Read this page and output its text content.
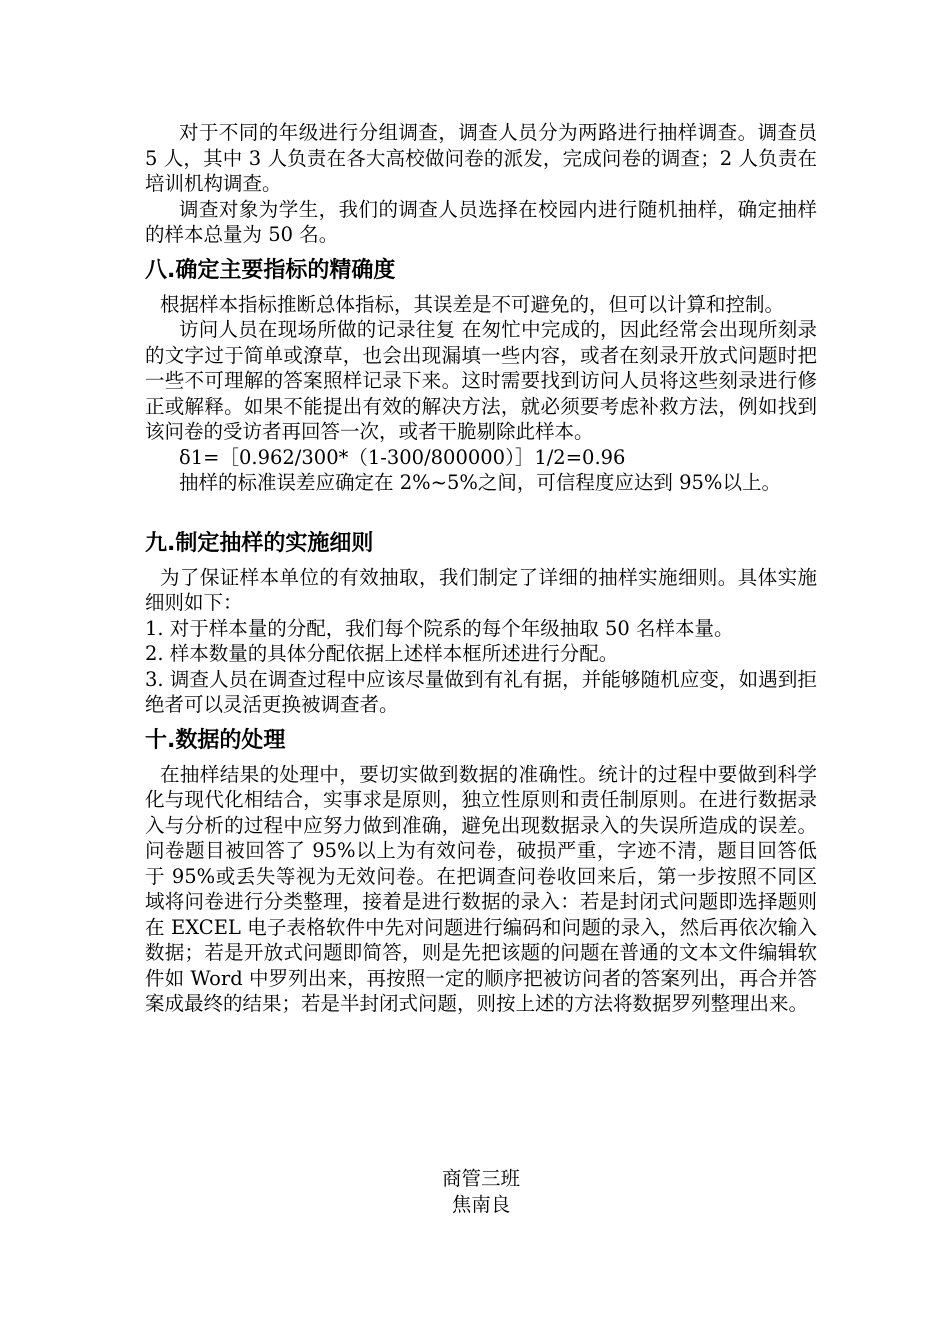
对于不同的年级进行分组调查，调查人员分为两路进行抽样调查。调查员 5 人，其中 3 人负责在各大高校做问卷的派发，完成问卷的调查；2 人负责在培训机构调查。

调查对象为学生，我们的调查人员选择在校园内进行随机抽样，确定抽样的样本总量为 50 名。

八.确定主要指标的精确度

根据样本指标推断总体指标，其误差是不可避免的，但可以计算和控制。

访问人员在现场所做的记录往复 在匆忙中完成的，因此经常会出现所刻录的文字过于简单或潦草，也会出现漏填一些内容，或者在刻录开放式问题时把一些不可理解的答案照样记录下来。这时需要找到访问人员将这些刻录进行修正或解释。如果不能提出有效的解决方法，就必须要考虑补救方法，例如找到该问卷的受访者再回答一次，或者干脆剔除此样本。

δ1=［0.962/300*（1-300/800000）］1/2=0.96

抽样的标准误差应确定在 2%~5%之间，可信程度应达到 95%以上。

九.制定抽样的实施细则

为了保证样本单位的有效抽取，我们制定了详细的抽样实施细则。具体实施细则如下：

1. 对于样本量的分配，我们每个院系的每个年级抽取 50 名样本量。

2. 样本数量的具体分配依据上述样本框所述进行分配。

3. 调查人员在调查过程中应该尽量做到有礼有据，并能够随机应变，如遇到拒绝者可以灵活更换被调查者。

十.数据的处理

在抽样结果的处理中，要切实做到数据的准确性。统计的过程中要做到科学化与现代化相结合，实事求是原则，独立性原则和责任制原则。在进行数据录入与分析的过程中应努力做到准确，避免出现数据录入的失误所造成的误差。问卷题目被回答了 95%以上为有效问卷，破损严重，字迹不清，题目回答低于 95%或丢失等视为无效问卷。在把调查问卷收回来后，第一步按照不同区域将问卷进行分类整理，接着是进行数据的录入：若是封闭式问题即选择题则在 EXCEL 电子表格软件中先对问题进行编码和问题的录入，然后再依次输入数据；若是开放式问题即简答，则是先把该题的问题在普通的文本文件编辑软件如 Word 中罗列出来，再按照一定的顺序把被访问者的答案列出，再合并答案成最终的结果；若是半封闭式问题，则按上述的方法将数据罗列整理出来。

商管三班
焦南良
